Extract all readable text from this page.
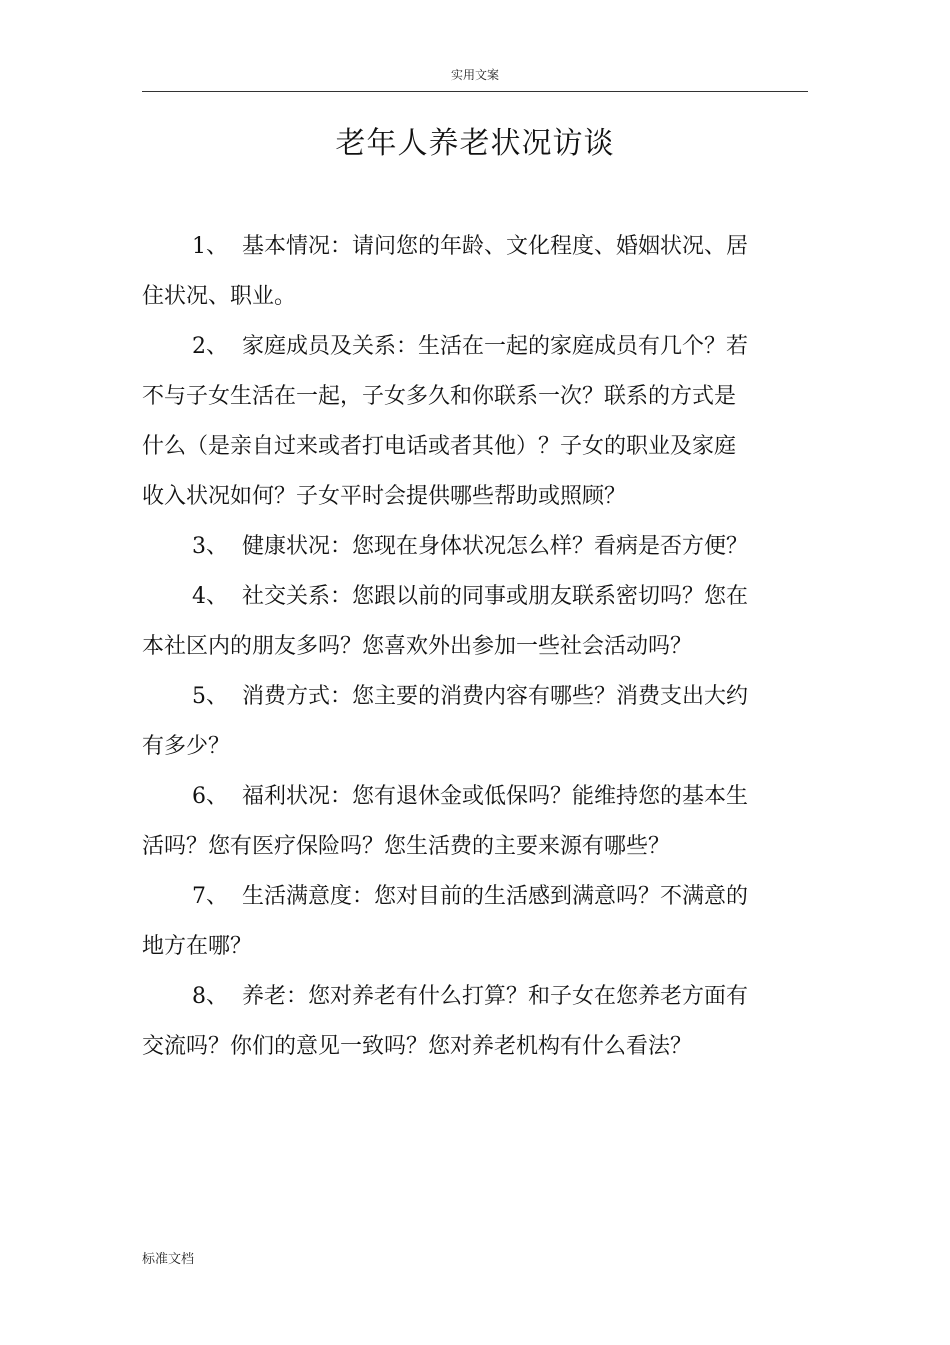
实用文案
老年人养老状况访谈

1、 基本情况：请问您的年龄、文化程度、婚姻状况、居住状况、职业。

2、 家庭成员及关系：生活在一起的家庭成员有几个？若不与子女生活在一起，子女多久和你联系一次？联系的方式是什么（是亲自过来或者打电话或者其他）？子女的职业及家庭收入状况如何？子女平时会提供哪些帮助或照顾？

3、 健康状况：您现在身体状况怎么样？看病是否方便？

4、 社交关系：您跟以前的同事或朋友联系密切吗？您在本社区内的朋友多吗？您喜欢外出参加一些社会活动吗？

5、 消费方式：您主要的消费内容有哪些？消费支出大约有多少？

6、 福利状况：您有退休金或低保吗？能维持您的基本生活吗？您有医疗保险吗？您生活费的主要来源有哪些？

7、 生活满意度：您对目前的生活感到满意吗？不满意的地方在哪？

8、 养老：您对养老有什么打算？和子女在您养老方面有交流吗？你们的意见一致吗？您对养老机构有什么看法？

标准文档
